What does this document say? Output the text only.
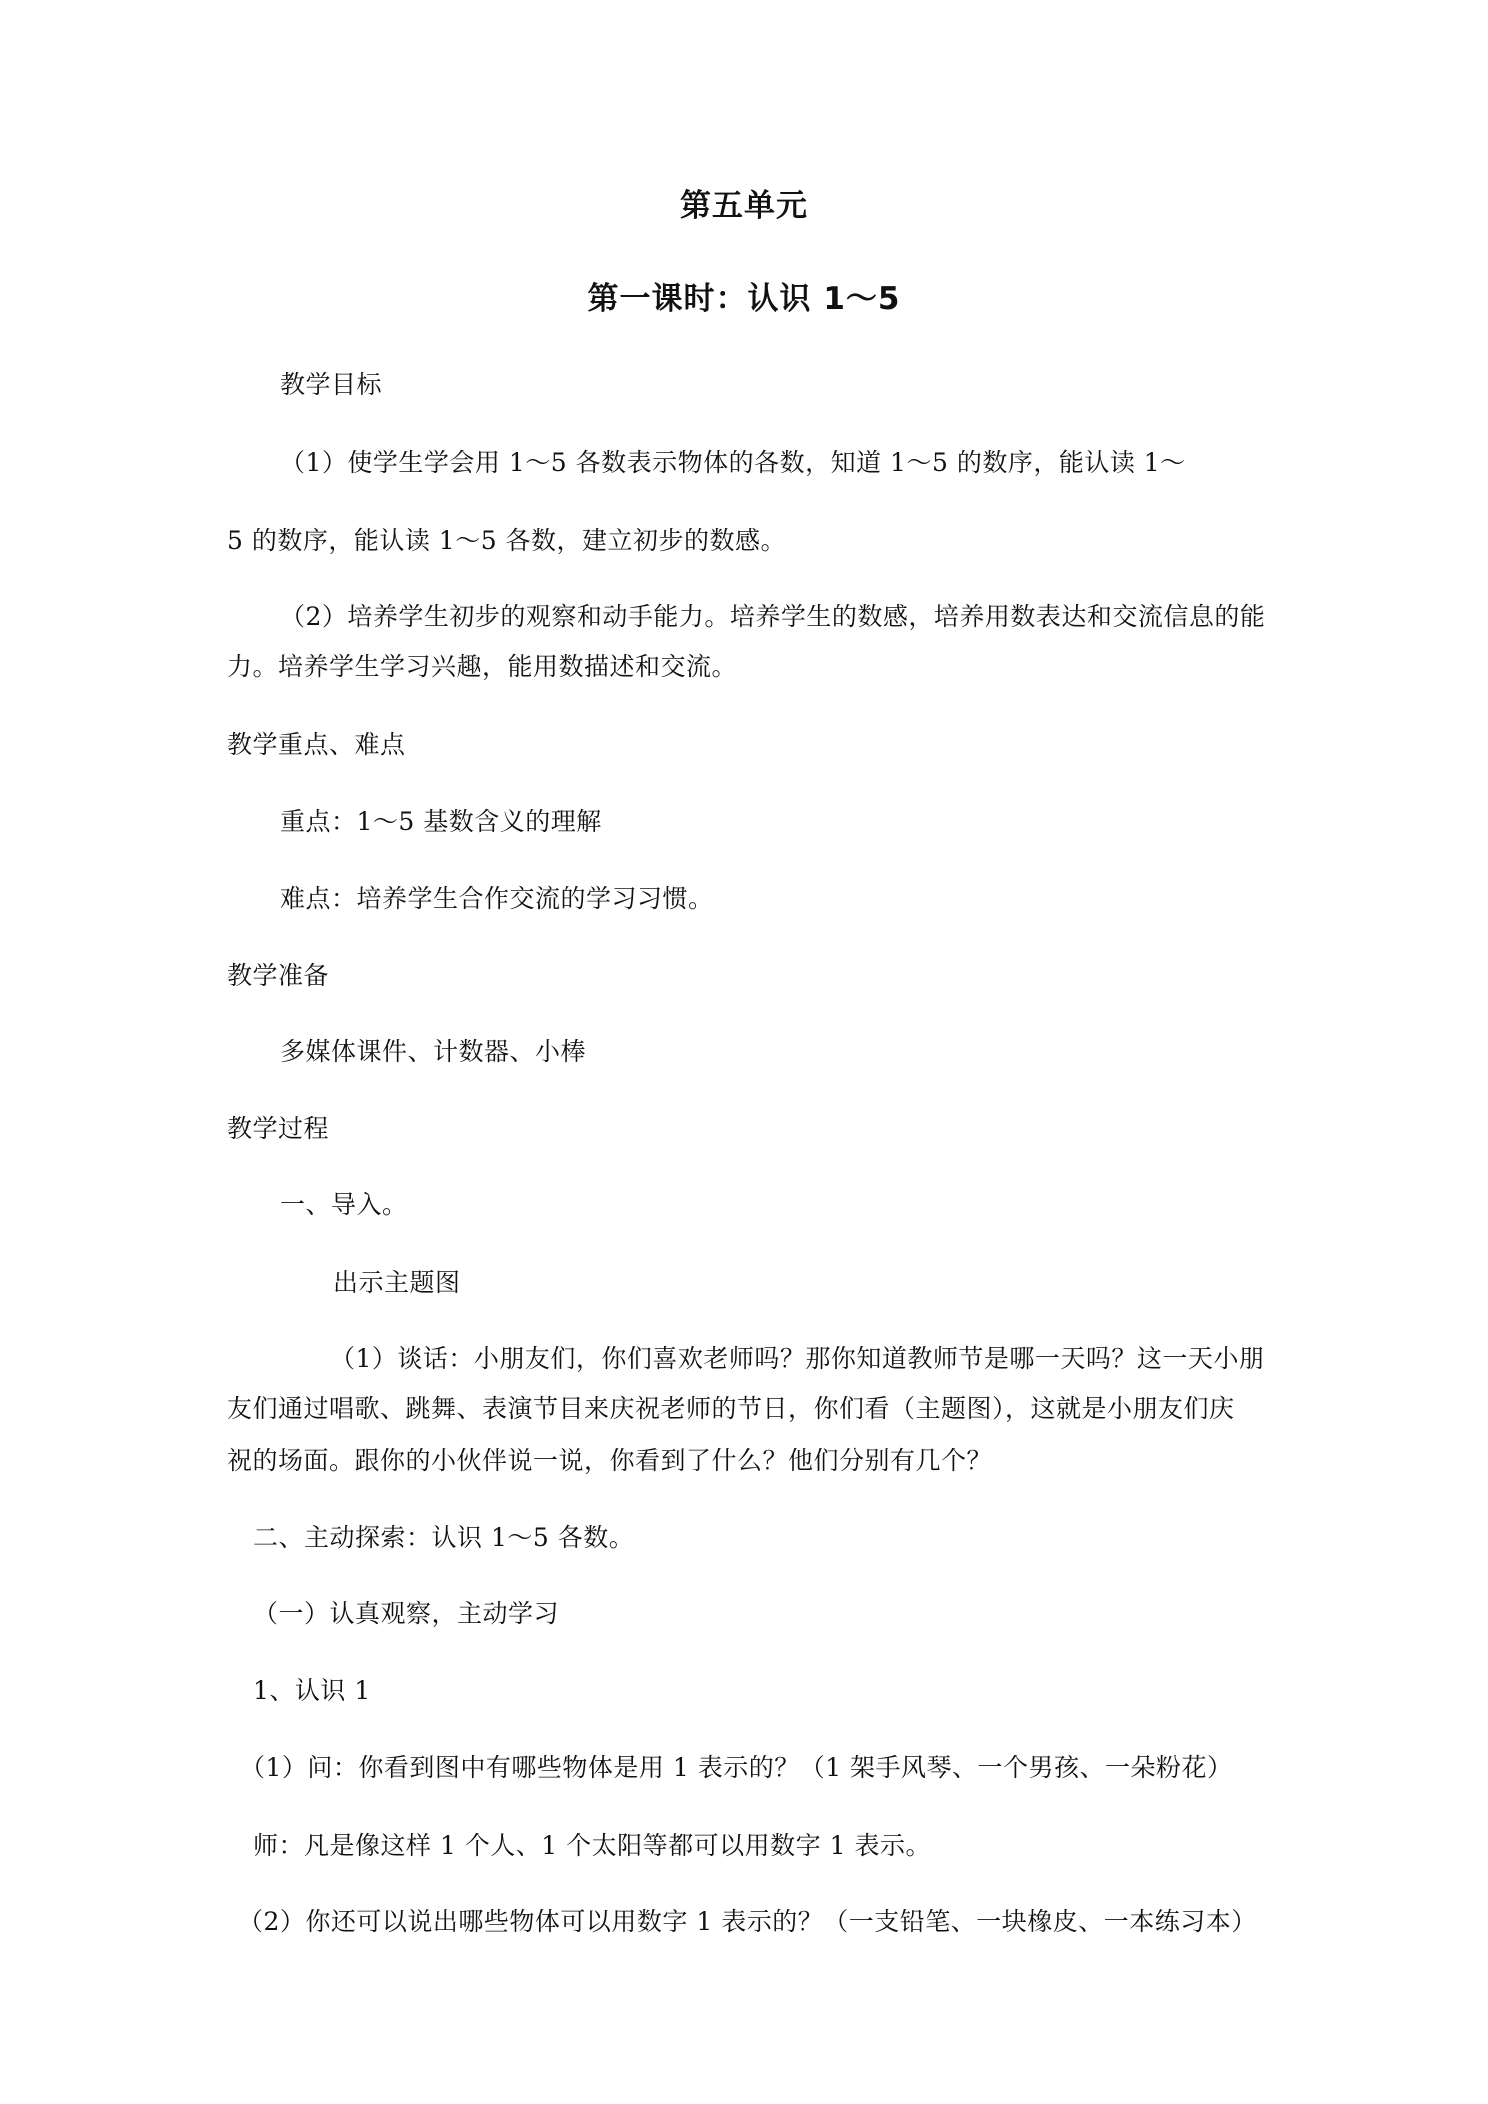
第五单元
第一课时：认识 1～5
教学目标
（1）使学生学会用 1～5 各数表示物体的各数，知道 1～5 的数序，能认读 1～
5 的数序，能认读 1～5 各数，建立初步的数感。
（2）培养学生初步的观察和动手能力。培养学生的数感，培养用数表达和交流信息的能
力。培养学生学习兴趣，能用数描述和交流。
教学重点、难点
重点：1～5 基数含义的理解
难点：培养学生合作交流的学习习惯。
教学准备
多媒体课件、计数器、小棒
教学过程
一、导入。
出示主题图
（1）谈话：小朋友们，你们喜欢老师吗？那你知道教师节是哪一天吗？这一天小朋
友们通过唱歌、跳舞、表演节目来庆祝老师的节日，你们看（主题图），这就是小朋友们庆
祝的场面。跟你的小伙伴说一说，你看到了什么？他们分别有几个？
二、主动探索：认识 1～5 各数。
（一）认真观察，主动学习
1、认识 1
（1）问：你看到图中有哪些物体是用 1 表示的？（1 架手风琴、一个男孩、一朵粉花）
师：凡是像这样 1 个人、1 个太阳等都可以用数字 1 表示。
（2）你还可以说出哪些物体可以用数字 1 表示的？（一支铅笔、一块橡皮、一本练习本）
